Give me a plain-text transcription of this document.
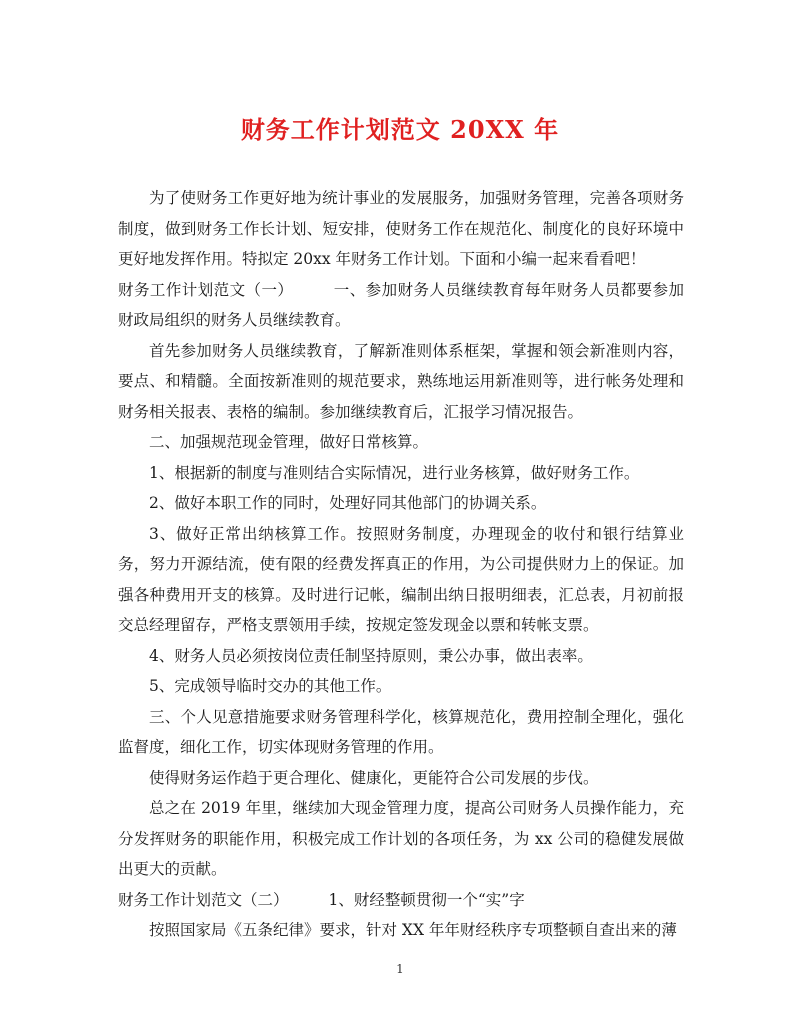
财务工作计划范文 20XX 年

为了使财务工作更好地为统计事业的发展服务，加强财务管理，完善各项财务制度，做到财务工作长计划、短安排，使财务工作在规范化、制度化的良好环境中更好地发挥作用。特拟定 20xx 年财务工作计划。下面和小编一起来看看吧！

财务工作计划范文（一）	一、参加财务人员继续教育每年财务人员都要参加财政局组织的财务人员继续教育。

首先参加财务人员继续教育，了解新准则体系框架，掌握和领会新准则内容，要点、和精髓。全面按新准则的规范要求，熟练地运用新准则等，进行帐务处理和财务相关报表、表格的编制。参加继续教育后，汇报学习情况报告。

二、加强规范现金管理，做好日常核算。

1、根据新的制度与准则结合实际情况，进行业务核算，做好财务工作。

2、做好本职工作的同时，处理好同其他部门的协调关系。

3、做好正常出纳核算工作。按照财务制度，办理现金的收付和银行结算业务，努力开源结流，使有限的经费发挥真正的作用，为公司提供财力上的保证。加强各种费用开支的核算。及时进行记帐，编制出纳日报明细表，汇总表，月初前报交总经理留存，严格支票领用手续，按规定签发现金以票和转帐支票。

4、财务人员必须按岗位责任制坚持原则，秉公办事，做出表率。

5、完成领导临时交办的其他工作。

三、个人见意措施要求财务管理科学化，核算规范化，费用控制全理化，强化监督度，细化工作，切实体现财务管理的作用。

使得财务运作趋于更合理化、健康化，更能符合公司发展的步伐。

总之在 2019 年里，继续加大现金管理力度，提高公司财务人员操作能力，充分发挥财务的职能作用，积极完成工作计划的各项任务，为 xx 公司的稳健发展做出更大的贡献。

财务工作计划范文（二）	1、财经整顿贯彻一个“实”字

按照国家局《五条纪律》要求，针对 XX 年年财经秩序专项整顿自查出来的薄

1
